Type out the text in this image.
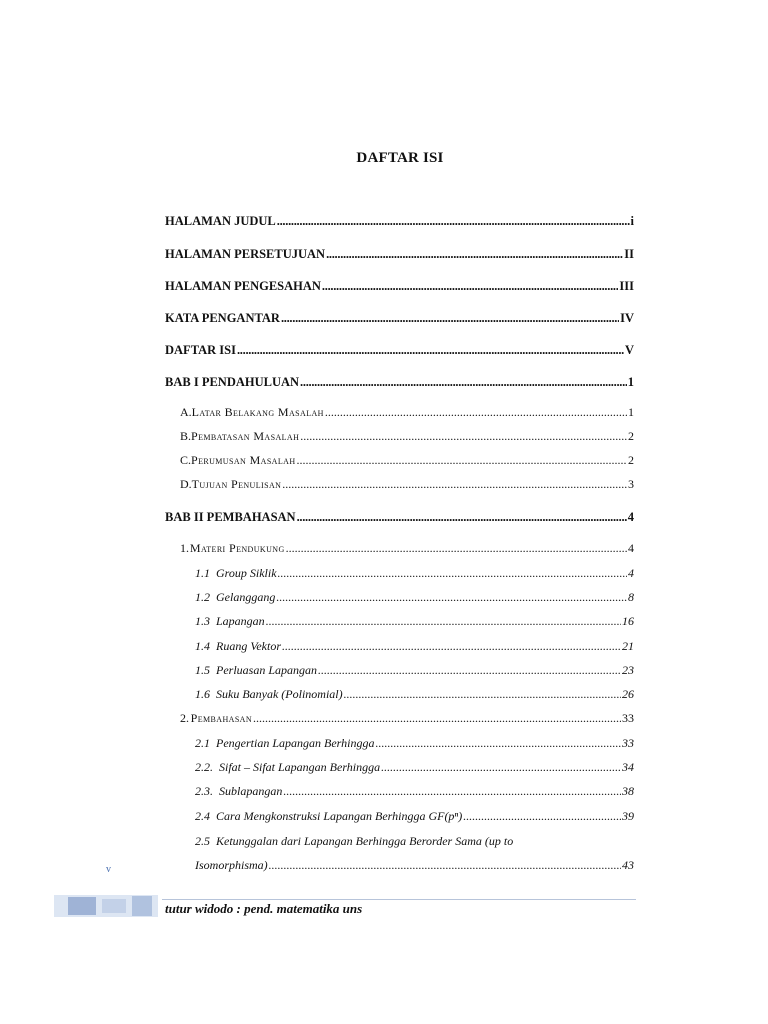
DAFTAR ISI
HALAMAN JUDUL .....	i
HALAMAN PERSETUJUAN .....	II
HALAMAN PENGESAHAN .....	III
KATA PENGANTAR .....	IV
DAFTAR ISI .....	V
BAB I PENDAHULUAN .....	1
A. Latar Belakang Masalah .....	1
B. Pembatasan Masalah .....	2
C. Perumusan Masalah .....	2
D. Tujuan Penulisan .....	3
BAB II PEMBAHASAN .....	4
1. Materi Pendukung .....	4
1.1 Group Siklik .....	4
1.2 Gelanggang .....	8
1.3 Lapangan .....	16
1.4 Ruang Vektor .....	21
1.5 Perluasan Lapangan .....	23
1.6 Suku Banyak (Polinomial) .....	26
2. Pembahasan .....	33
2.1 Pengertian Lapangan Berhingga .....	33
2.2. Sifat – Sifat Lapangan Berhingga .....	34
2.3. Sublapangan .....	38
2.4 Cara Mengkonstruksi Lapangan Berhingga GF(pⁿ) .....	39
2.5 Ketunggalan dari Lapangan Berhingga Berorder Sama (up to
Isomorphisma) .....	43
v
tutur widodo : pend. matematika uns
